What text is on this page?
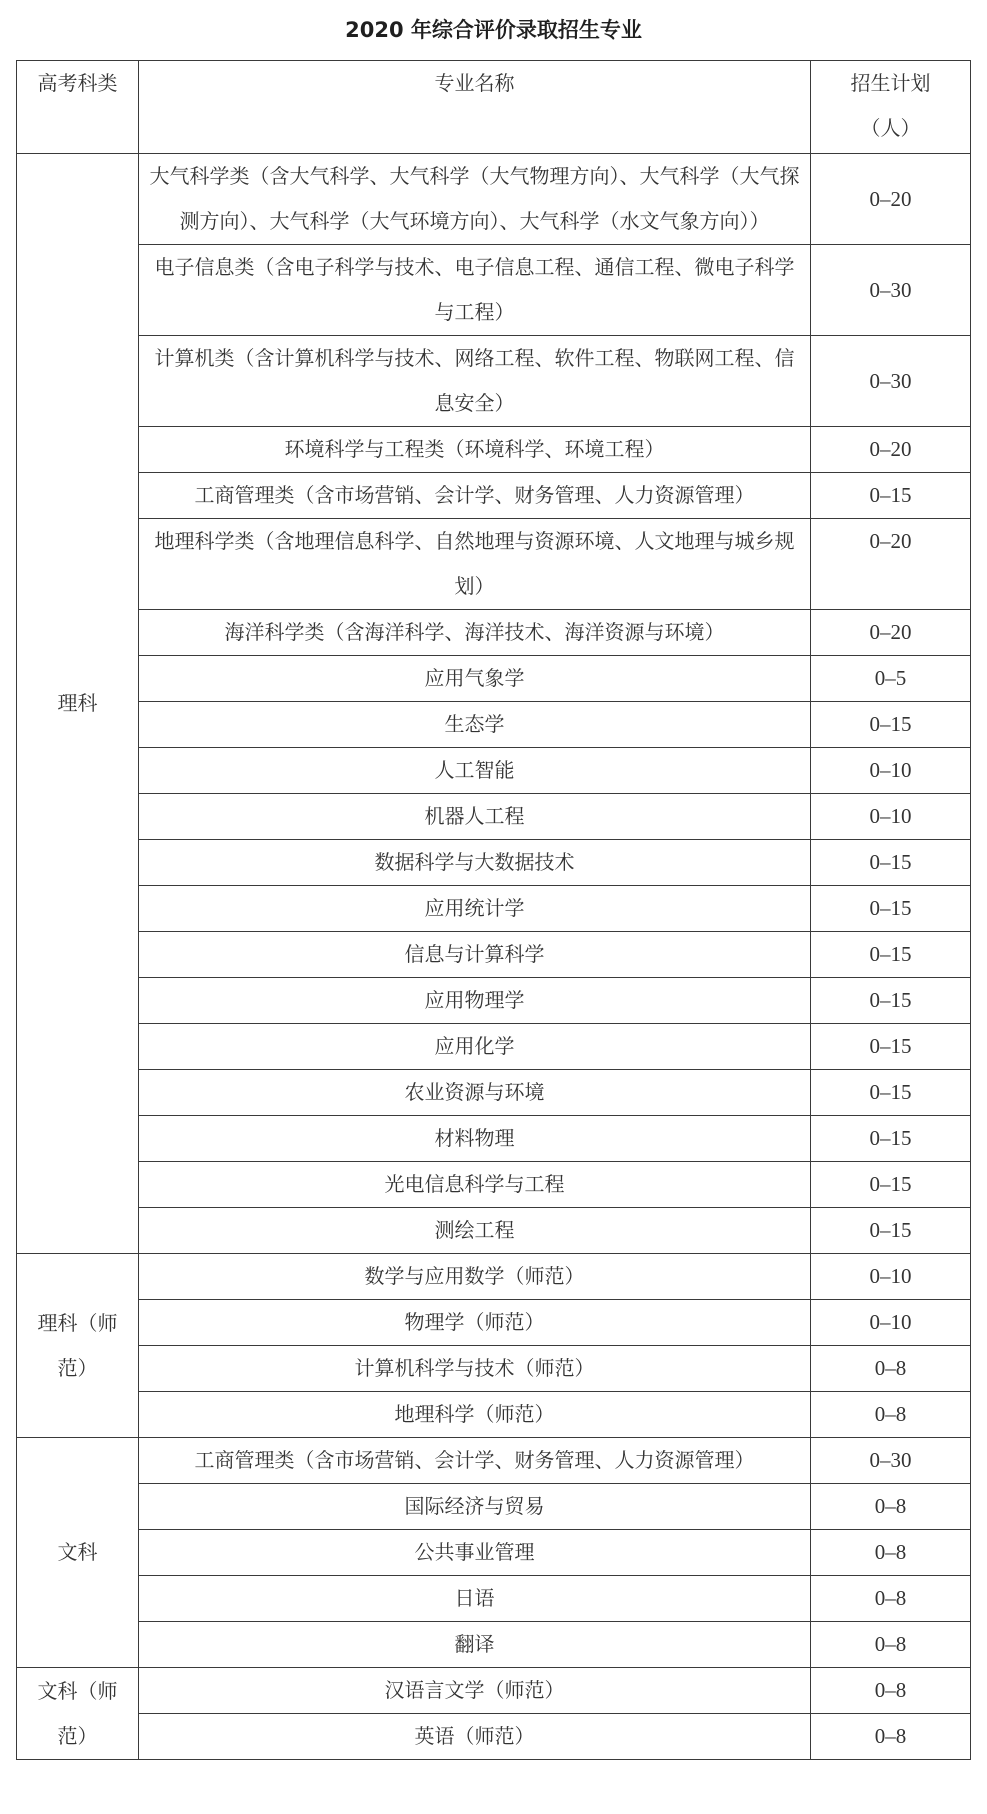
2020 年综合评价录取招生专业
高考科类	专业名称	招生计划（人）
理科	大气科学类（含大气科学、大气科学（大气物理方向）、大气科学（大气探测方向）、大气科学（大气环境方向）、大气科学（水文气象方向））	0–20
	电子信息类（含电子科学与技术、电子信息工程、通信工程、微电子科学与工程）	0–30
	计算机类（含计算机科学与技术、网络工程、软件工程、物联网工程、信息安全）	0–30
	环境科学与工程类（环境科学、环境工程）	0–20
	工商管理类（含市场营销、会计学、财务管理、人力资源管理）	0–15
	地理科学类（含地理信息科学、自然地理与资源环境、人文地理与城乡规划）	0–20
	海洋科学类（含海洋科学、海洋技术、海洋资源与环境）	0–20
	应用气象学	0–5
	生态学	0–15
	人工智能	0–10
	机器人工程	0–10
	数据科学与大数据技术	0–15
	应用统计学	0–15
	信息与计算科学	0–15
	应用物理学	0–15
	应用化学	0–15
	农业资源与环境	0–15
	材料物理	0–15
	光电信息科学与工程	0–15
	测绘工程	0–15
理科（师范）	数学与应用数学（师范）	0–10
	物理学（师范）	0–10
	计算机科学与技术（师范）	0–8
	地理科学（师范）	0–8
文科	工商管理类（含市场营销、会计学、财务管理、人力资源管理）	0–30
	国际经济与贸易	0–8
	公共事业管理	0–8
	日语	0–8
	翻译	0–8
文科（师范）	汉语言文学（师范）	0–8
	英语（师范）	0–8
